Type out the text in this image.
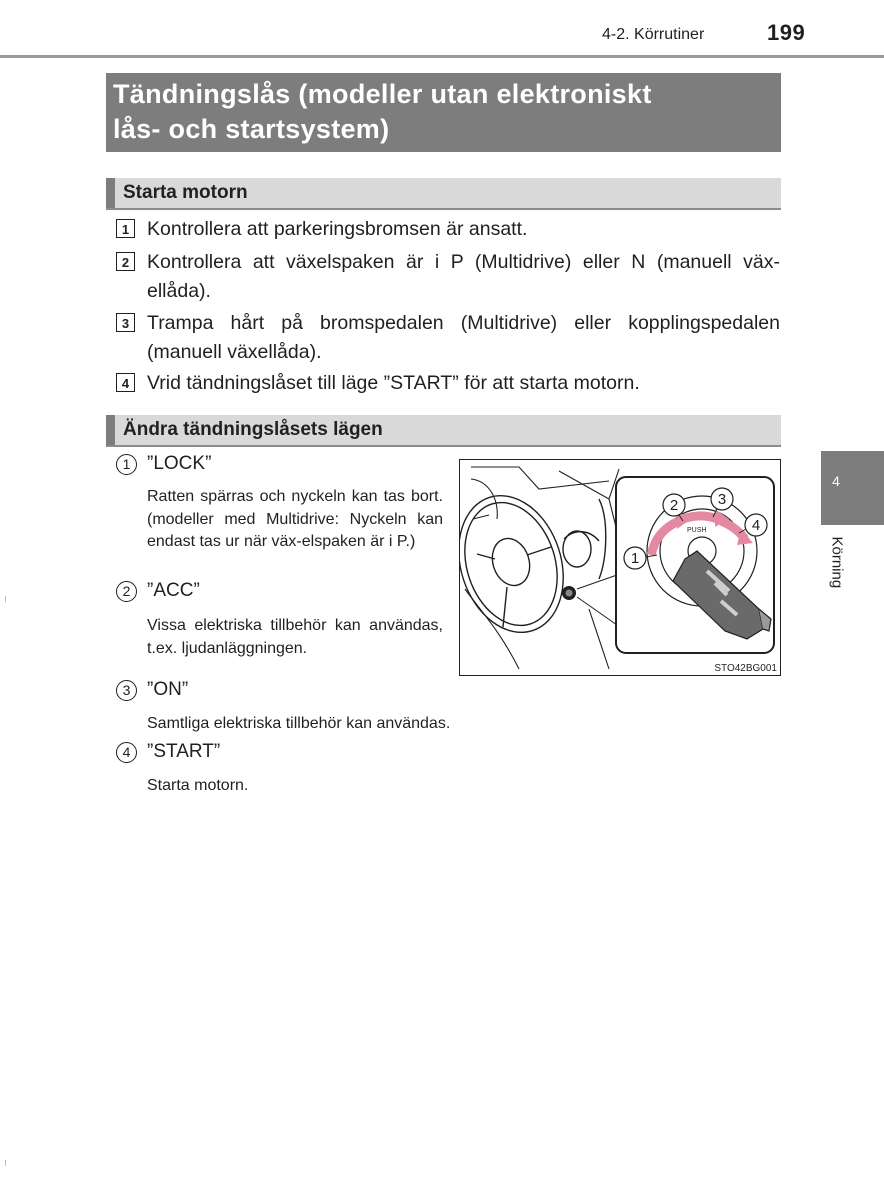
4-2. Körrutiner	199
Tändningslås (modeller utan elektroniskt
lås- och startsystem)
Starta motorn
1 Kontrollera att parkeringsbromsen är ansatt.
2 Kontrollera att växelspaken är i P (Multidrive) eller N (manuell väx-ellåda).
3 Trampa hårt på bromspedalen (Multidrive) eller kopplingspedalen (manuell växellåda).
4 Vrid tändningslåset till läge ”START” för att starta motorn.
Ändra tändningslåsets lägen
1 ”LOCK”
Ratten spärras och nyckeln kan tas bort. (modeller med Multidrive: Nyckeln kan endast tas ur när väx-elspaken är i P.)
2 ”ACC”
Vissa elektriska tillbehör kan användas, t.ex. ljudanläggningen.
3 ”ON”
Samtliga elektriska tillbehör kan användas.
4 ”START”
Starta motorn.
PUSH
1
2	3
4
STO42BG001
4
Körning
